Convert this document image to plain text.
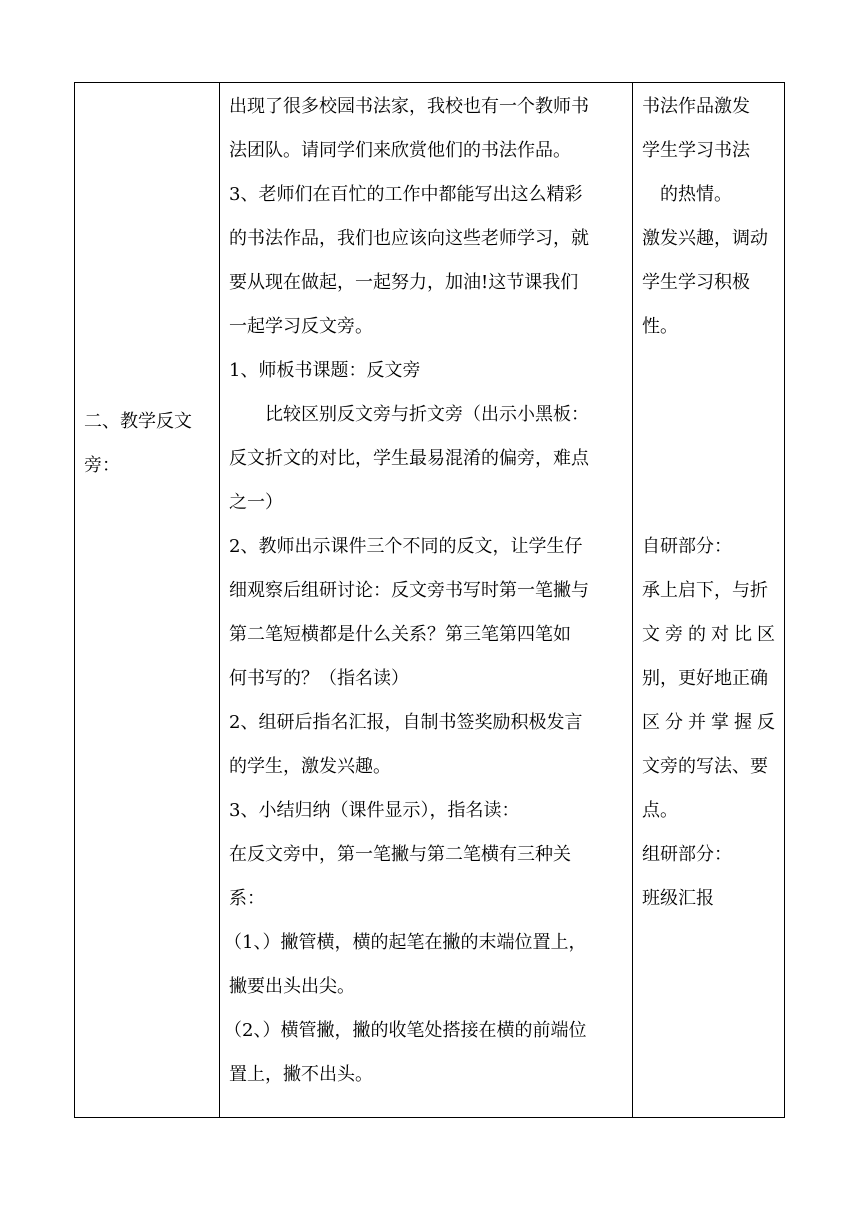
二、教学反文
旁：
出现了很多校园书法家，我校也有一个教师书
法团队。请同学们来欣赏他们的书法作品。
3、老师们在百忙的工作中都能写出这么精彩
的书法作品，我们也应该向这些老师学习，就
要从现在做起，一起努力，加油!这节课我们
一起学习反文旁。
1、师板书课题：反文旁
　　比较区别反文旁与折文旁（出示小黑板：
反文折文的对比，学生最易混淆的偏旁，难点
之一）
2、教师出示课件三个不同的反文，让学生仔
细观察后组研讨论：反文旁书写时第一笔撇与
第二笔短横都是什么关系？第三笔第四笔如
何书写的？（指名读）
2、组研后指名汇报，自制书签奖励积极发言
的学生，激发兴趣。
3、小结归纳（课件显示），指名读：
在反文旁中，第一笔撇与第二笔横有三种关
系：
（1、）撇管横，横的起笔在撇的末端位置上，
撇要出头出尖。
（2、）横管撇，撇的收笔处搭接在横的前端位
置上，撇不出头。
书法作品激发
学生学习书法
　的热情。
激发兴趣，调动
学生学习积极
性。
自研部分：
承上启下，与折
文旁的对比区
别，更好地正确
区分并掌握反
文旁的写法、要
点。
组研部分：
班级汇报
